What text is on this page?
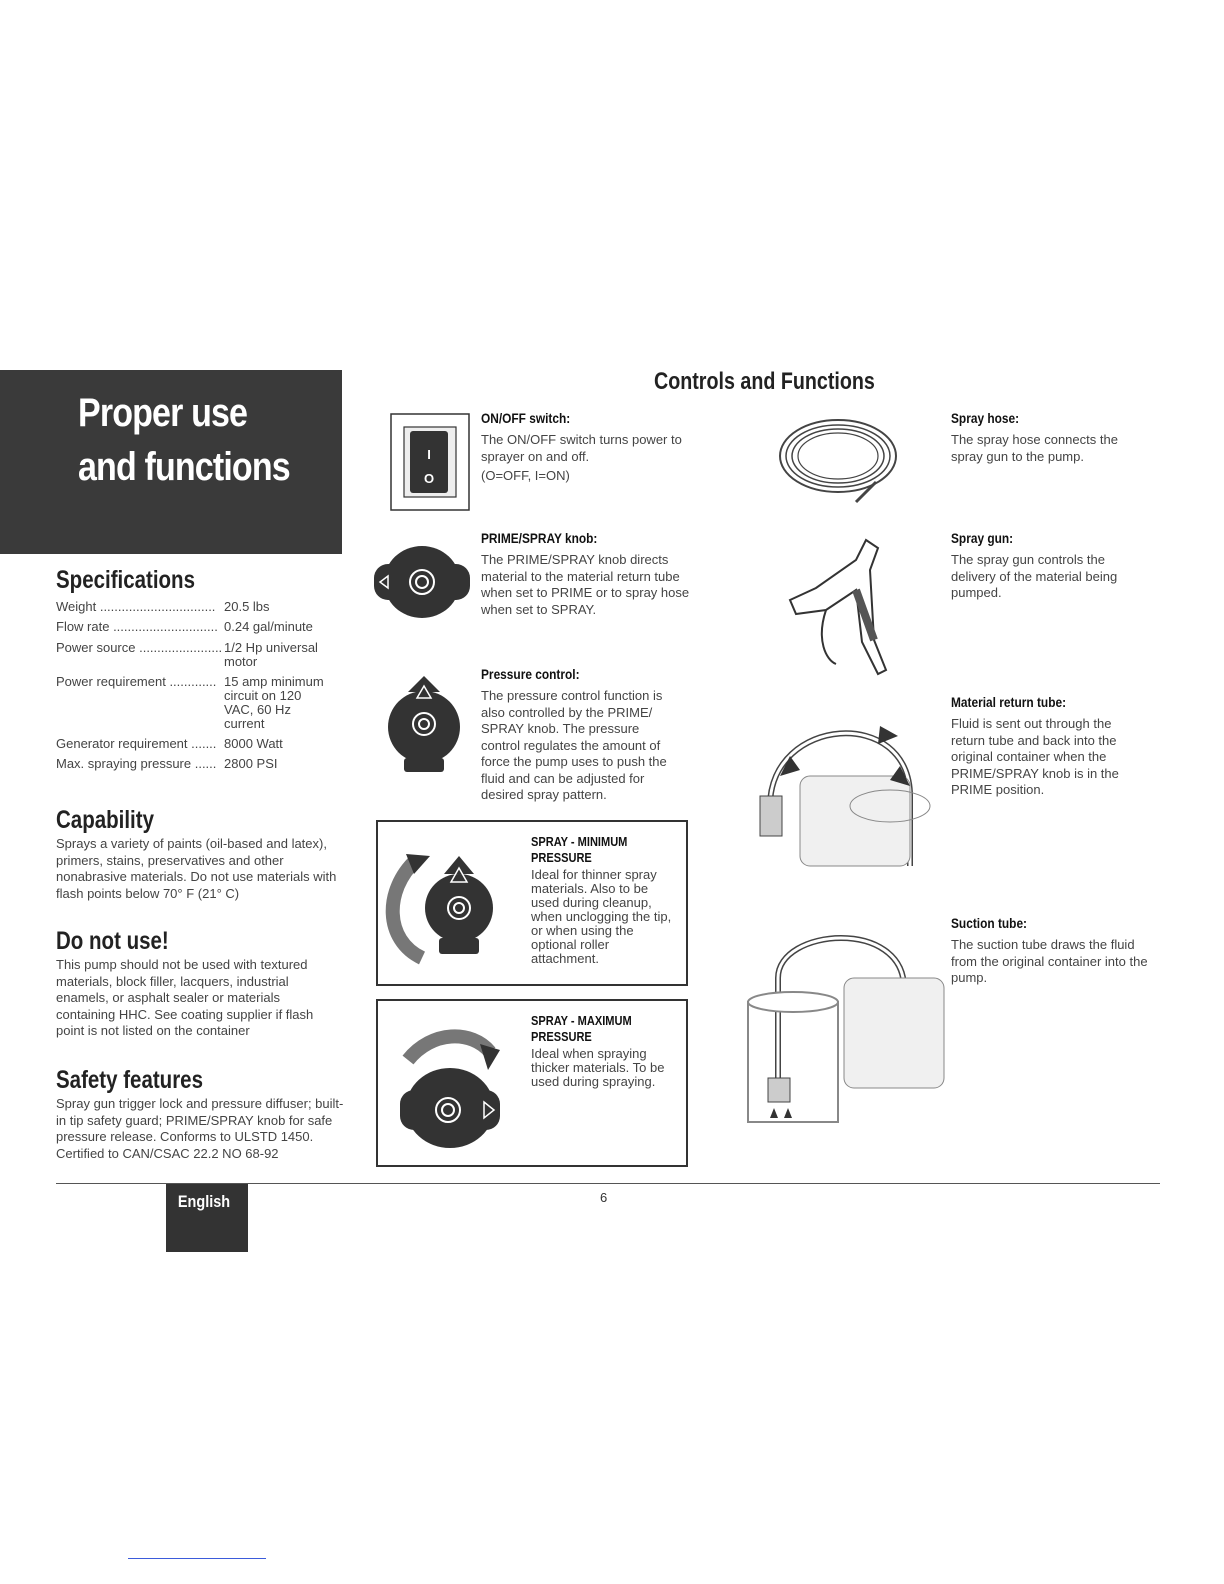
Proper use
and functions
Specifications
Weight ................................ 20.5 lbs
Flow rate ............................. 0.24 gal/minute
Power source ....................... 1/2 Hp universal motor
Power requirement ............. 15 amp minimum circuit on 120 VAC, 60 Hz current
Generator requirement ....... 8000 Watt
Max. spraying pressure ...... 2800 PSI
Capability
Sprays a variety of paints (oil-based and latex), primers, stains, preservatives and other nonabrasive materials. Do not use materials with flash points below 70° F (21° C)
Do not use!
This pump should not be used with textured materials, block filler, lacquers, industrial enamels, or asphalt sealer or materials containing HHC. See coating supplier if flash point is not listed on the container
Safety features
Spray gun trigger lock and pressure diffuser; built-in tip safety guard; PRIME/SPRAY knob for safe pressure release. Conforms to ULSTD 1450. Certified to CAN/CSAC 22.2 NO 68-92
Controls and Functions
I
O
ON/OFF switch:
The ON/OFF switch turns power to sprayer on and off.
(O=OFF, I=ON)
PRIME/SPRAY knob:
The PRIME/SPRAY knob directs material to the material return tube when set to PRIME or to spray hose when set to SPRAY.
Pressure control:
The pressure control function is also controlled by the PRIME/ SPRAY knob. The pressure control regulates the amount of force the pump uses to push the fluid and can be adjusted for desired spray pattern.
SPRAY - MINIMUM
PRESSURE
Ideal for thinner spray materials. Also to be used during cleanup, when unclogging the tip, or when using the optional roller attachment.
SPRAY - MAXIMUM
PRESSURE
Ideal when spraying thicker materials. To be used during spraying.
Spray hose:
The spray hose connects the spray gun to the pump.
Spray gun:
The spray gun controls the delivery of the material being pumped.
Material return tube:
Fluid is sent out through the return tube and back into the original container when the PRIME/SPRAY knob is in the PRIME position.
Suction tube:
The suction tube draws the fluid from the original container into the pump.
English	6
